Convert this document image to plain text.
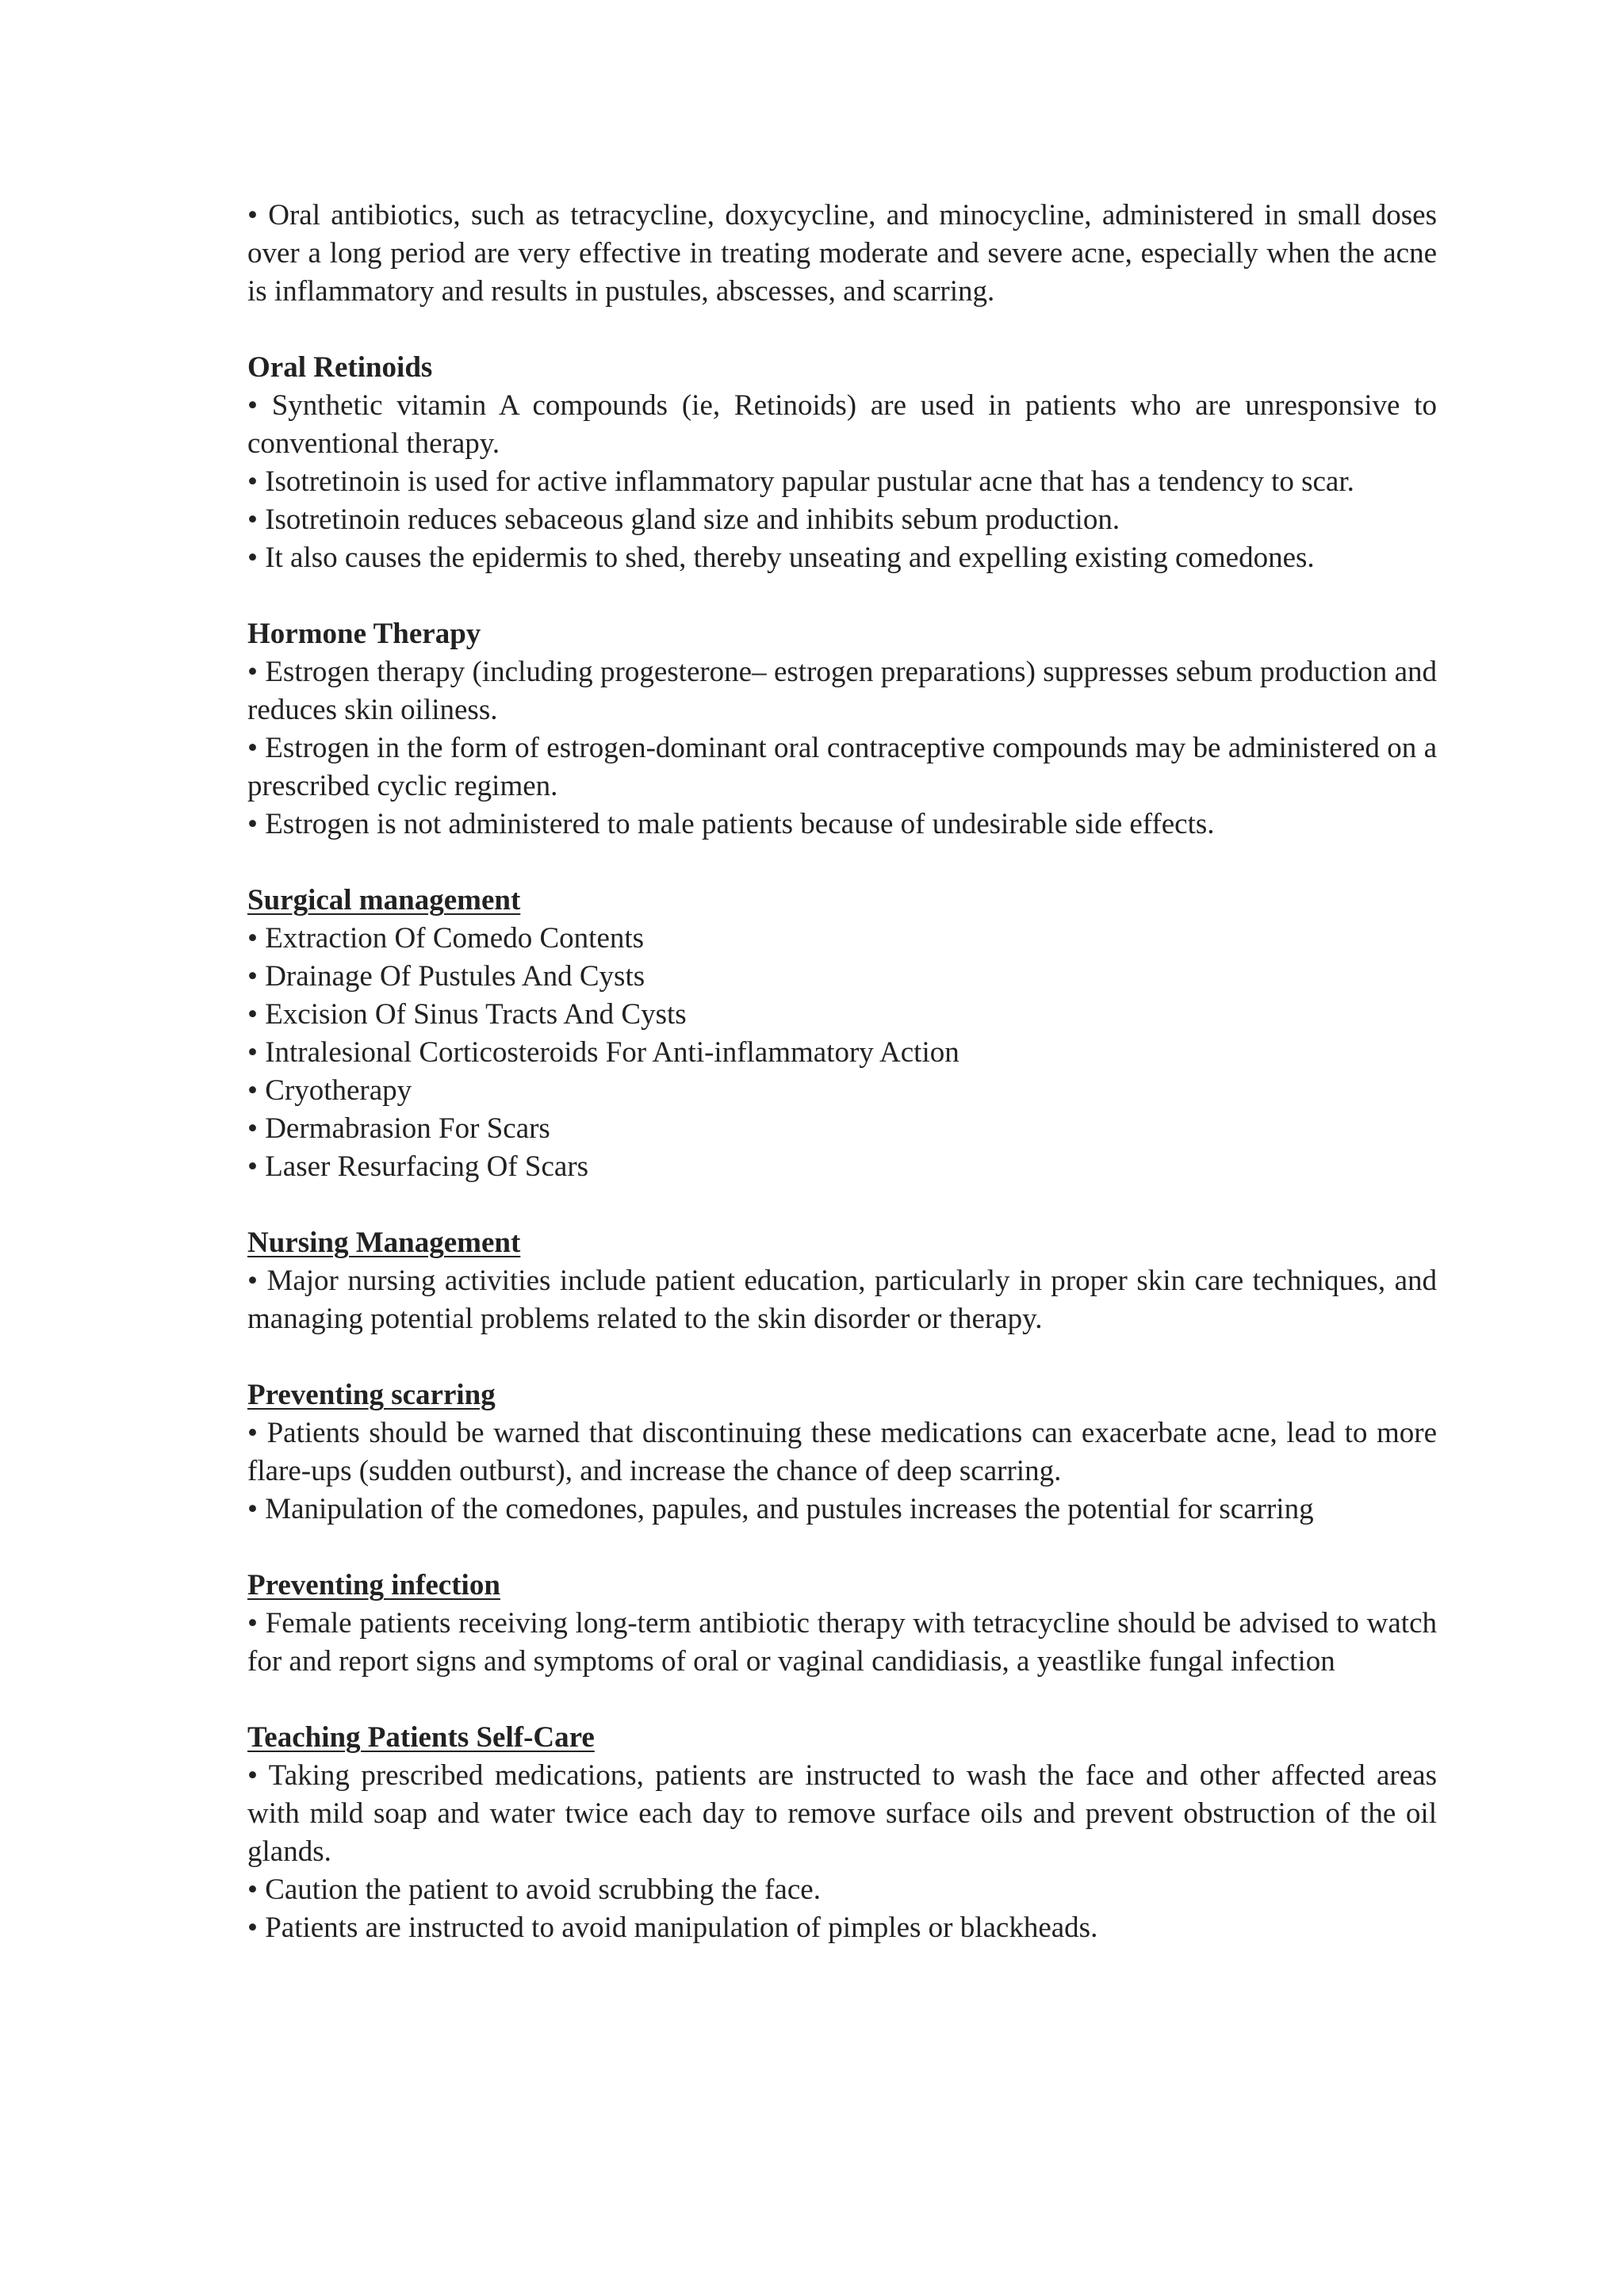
• Oral antibiotics, such as tetracycline, doxycycline, and minocycline, administered in small doses over a long period are very effective in treating moderate and severe acne, especially when the acne is inflammatory and results in pustules, abscesses, and scarring.
Oral Retinoids
• Synthetic vitamin A compounds (ie, Retinoids) are used in patients who are unresponsive to conventional therapy.
• Isotretinoin is used for active inflammatory papular pustular acne that has a tendency to scar.
• Isotretinoin reduces sebaceous gland size and inhibits sebum production.
• It also causes the epidermis to shed, thereby unseating and expelling existing comedones.
Hormone Therapy
• Estrogen therapy (including progesterone– estrogen preparations) suppresses sebum production and reduces skin oiliness.
• Estrogen in the form of estrogen-dominant oral contraceptive compounds may be administered on a prescribed cyclic regimen.
• Estrogen is not administered to male patients because of undesirable side effects.
Surgical management
• Extraction Of Comedo Contents
• Drainage Of Pustules And Cysts
• Excision Of Sinus Tracts And Cysts
• Intralesional Corticosteroids For Anti-inflammatory Action
• Cryotherapy
• Dermabrasion For Scars
• Laser Resurfacing Of Scars
Nursing Management
• Major nursing activities include patient education, particularly in proper skin care techniques, and managing potential problems related to the skin disorder or therapy.
Preventing scarring
• Patients should be warned that discontinuing these medications can exacerbate acne, lead to more flare-ups (sudden outburst), and increase the chance of deep scarring.
• Manipulation of the comedones, papules, and pustules increases the potential for scarring
Preventing infection
• Female patients receiving long-term antibiotic therapy with tetracycline should be advised to watch for and report signs and symptoms of oral or vaginal candidiasis, a yeastlike fungal infection
Teaching Patients Self-Care
• Taking prescribed medications, patients are instructed to wash the face and other affected areas with mild soap and water twice each day to remove surface oils and prevent obstruction of the oil glands.
• Caution the patient to avoid scrubbing the face.
• Patients are instructed to avoid manipulation of pimples or blackheads.
